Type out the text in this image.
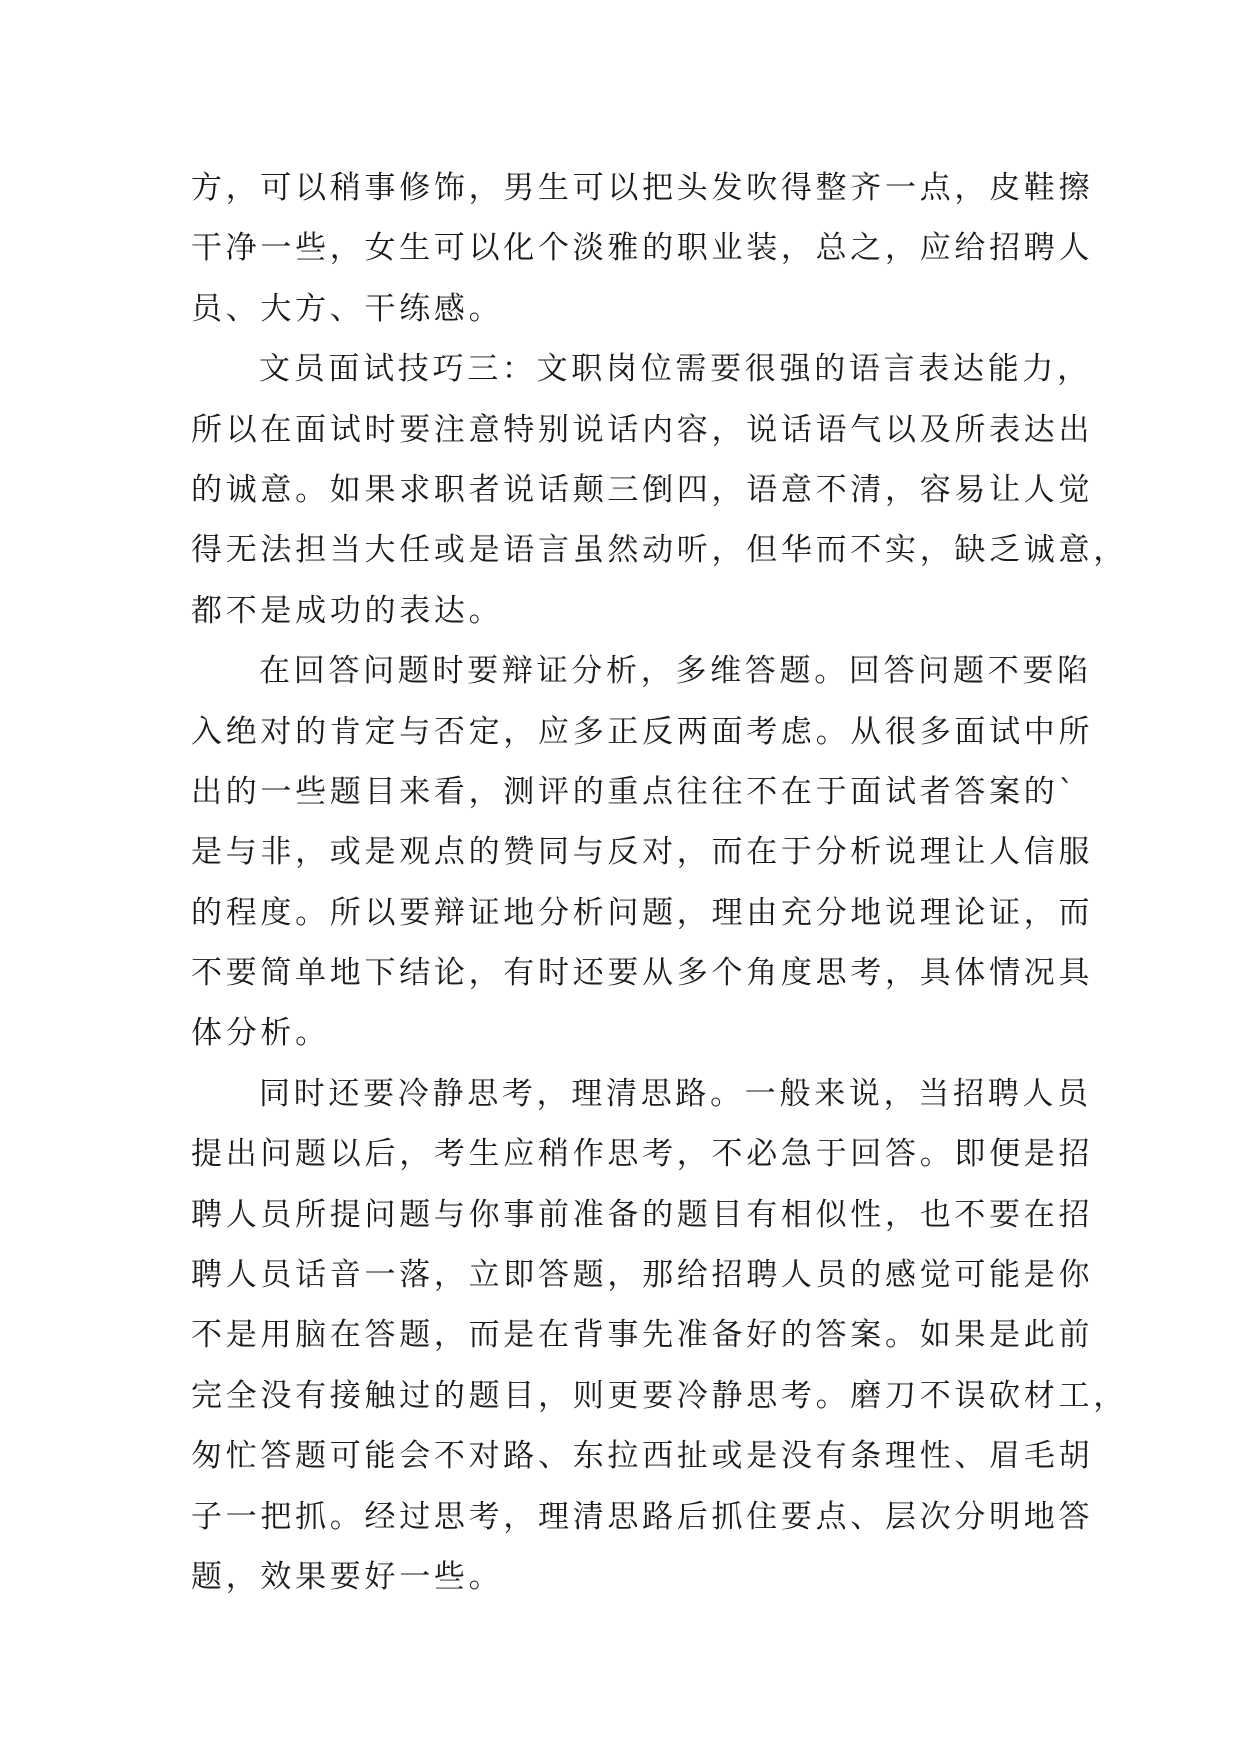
方，可以稍事修饰，男生可以把头发吹得整齐一点，皮鞋擦
干净一些，女生可以化个淡雅的职业装，总之，应给招聘人
员、大方、干练感。
文员面试技巧三：文职岗位需要很强的语言表达能力，
所以在面试时要注意特别说话内容，说话语气以及所表达出
的诚意。如果求职者说话颠三倒四，语意不清，容易让人觉
得无法担当大任或是语言虽然动听，但华而不实，缺乏诚意，
都不是成功的表达。
在回答问题时要辩证分析，多维答题。回答问题不要陷
入绝对的肯定与否定，应多正反两面考虑。从很多面试中所
出的一些题目来看，测评的重点往往不在于面试者答案的`
是与非，或是观点的赞同与反对，而在于分析说理让人信服
的程度。所以要辩证地分析问题，理由充分地说理论证，而
不要简单地下结论，有时还要从多个角度思考，具体情况具
体分析。
同时还要冷静思考，理清思路。一般来说，当招聘人员
提出问题以后，考生应稍作思考，不必急于回答。即便是招
聘人员所提问题与你事前准备的题目有相似性，也不要在招
聘人员话音一落，立即答题，那给招聘人员的感觉可能是你
不是用脑在答题，而是在背事先准备好的答案。如果是此前
完全没有接触过的题目，则更要冷静思考。磨刀不误砍材工，
匆忙答题可能会不对路、东拉西扯或是没有条理性、眉毛胡
子一把抓。经过思考，理清思路后抓住要点、层次分明地答
题，效果要好一些。
